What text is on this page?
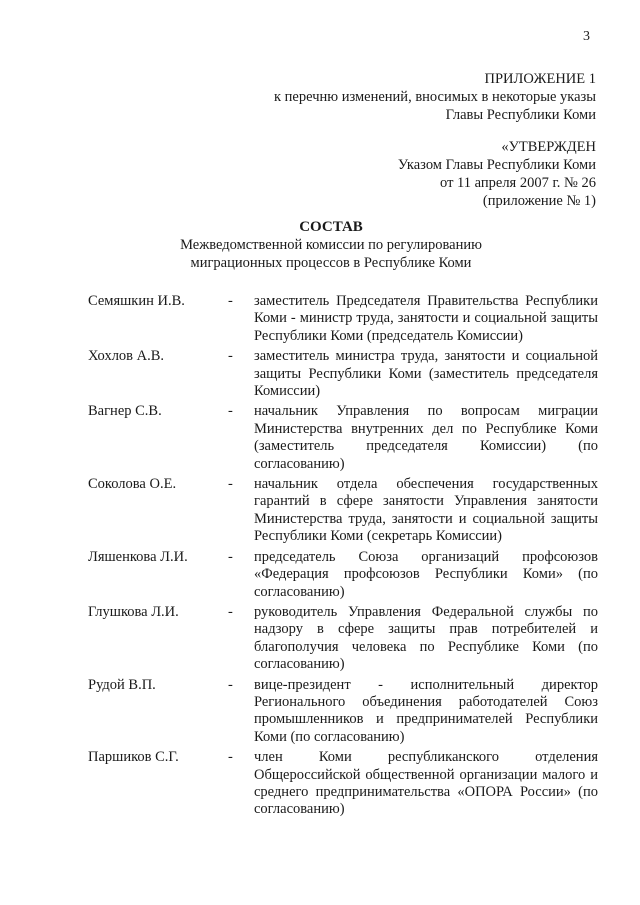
3
ПРИЛОЖЕНИЕ 1
к перечню изменений, вносимых в некоторые указы
Главы Республики Коми
«УТВЕРЖДЕН
Указом Главы Республики Коми
от 11 апреля 2007 г. № 26
(приложение № 1)
СОСТАВ
Межведомственной комиссии по регулированию
миграционных процессов в Республике Коми
Семяшкин И.В.	- заместитель Председателя Правительства Республики Коми - министр труда, занятости и социальной защиты Республики Коми (председатель Комиссии)
Хохлов А.В.	- заместитель министра труда, занятости и социальной защиты Республики Коми (заместитель председателя Комиссии)
Вагнер С.В.	- начальник Управления по вопросам миграции Министерства внутренних дел по Республике Коми (заместитель председателя Комиссии) (по согласованию)
Соколова О.Е.	- начальник отдела обеспечения государственных гарантий в сфере занятости Управления занятости Министерства труда, занятости и социальной защиты Республики Коми (секретарь Комиссии)
Ляшенкова Л.И.	- председатель Союза организаций профсоюзов «Федерация профсоюзов Республики Коми» (по согласованию)
Глушкова Л.И.	- руководитель Управления Федеральной службы по надзору в сфере защиты прав потребителей и благополучия человека по Республике Коми (по согласованию)
Рудой В.П.	- вице-президент - исполнительный директор Регионального объединения работодателей Союз промышленников и предпринимателей Республики Коми (по согласованию)
Паршиков С.Г.	- член Коми республиканского отделения Общероссийской общественной организации малого и среднего предпринимательства «ОПОРА России» (по согласованию)
